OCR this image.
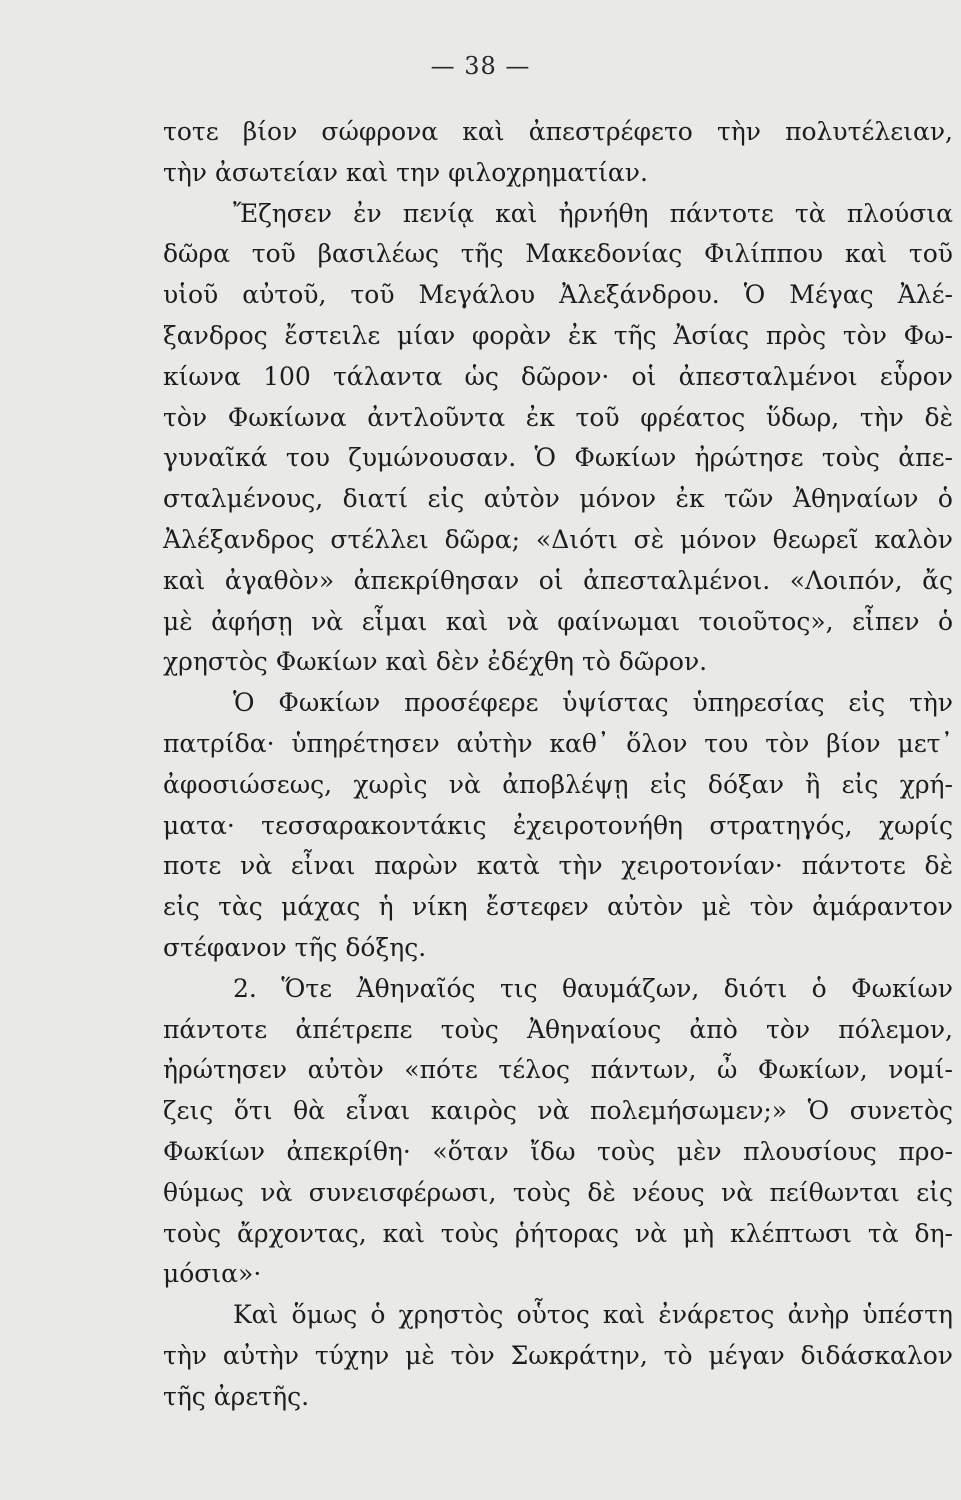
— 38 —
τοτε βίον σώφρονα καὶ ἀπεστρέφετο τὴν πολυτέλειαν,
τὴν ἀσωτείαν καὶ την φιλοχρηματίαν.
Ἔζησεν ἐν πενίᾳ καὶ ἠρνήθη πάντοτε τὰ πλούσια
δῶρα τοῦ βασιλέως τῆς Μακεδονίας Φιλίππου καὶ τοῦ
υἱοῦ αὐτοῦ, τοῦ Μεγάλου Ἀλεξάνδρου. Ὁ Μέγας Ἀλέ-
ξανδρος ἔστειλε μίαν φορὰν ἐκ τῆς Ἀσίας πρὸς τὸν Φω-
κίωνα 100 τάλαντα ὡς δῶρον· οἱ ἀπεσταλμένοι εὗρον
τὸν Φωκίωνα ἀντλοῦντα ἐκ τοῦ φρέατος ὕδωρ, τὴν δὲ
γυναῖκά του ζυμώνουσαν. Ὁ Φωκίων ἠρώτησε τοὺς ἀπε-
σταλμένους, διατί εἰς αὐτὸν μόνον ἐκ τῶν Ἀθηναίων ὁ
Ἀλέξανδρος στέλλει δῶρα; «Διότι σὲ μόνον θεωρεῖ καλὸν
καὶ ἀγαθὸν» ἀπεκρίθησαν οἱ ἀπεσταλμένοι. «Λοιπόν, ἄς
μὲ ἀφήσῃ νὰ εἶμαι καὶ νὰ φαίνωμαι τοιοῦτος», εἶπεν ὁ
χρηστὸς Φωκίων καὶ δὲν ἐδέχθη τὸ δῶρον.
Ὁ Φωκίων προσέφερε ὑψίστας ὑπηρεσίας εἰς τὴν
πατρίδα· ὑπηρέτησεν αὐτὴν καθ᾽ ὅλον του τὸν βίον μετ᾽
ἀφοσιώσεως, χωρὶς νὰ ἀποβλέψῃ εἰς δόξαν ἢ εἰς χρή-
ματα· τεσσαρακοντάκις ἐχειροτονήθη στρατηγός, χωρίς
ποτε νὰ εἶναι παρὼν κατὰ τὴν χειροτονίαν· πάντοτε δὲ
εἰς τὰς μάχας ἡ νίκη ἔστεφεν αὐτὸν μὲ τὸν ἀμάραντον
στέφανον τῆς δόξης.
2. Ὅτε Ἀθηναῖός τις θαυμάζων, διότι ὁ Φωκίων
πάντοτε ἀπέτρεπε τοὺς Ἀθηναίους ἀπὸ τὸν πόλεμον,
ἠρώτησεν αὐτὸν «πότε τέλος πάντων, ὦ Φωκίων, νομί-
ζεις ὅτι θὰ εἶναι καιρὸς νὰ πολεμήσωμεν;» Ὁ συνετὸς
Φωκίων ἀπεκρίθη· «ὅταν ἴδω τοὺς μὲν πλουσίους προ-
θύμως νὰ συνεισφέρωσι, τοὺς δὲ νέους νὰ πείθωνται εἰς
τοὺς ἄρχοντας, καὶ τοὺς ῥήτορας νὰ μὴ κλέπτωσι τὰ δη-
μόσια»·
Καὶ ὅμως ὁ χρηστὸς οὗτος καὶ ἐνάρετος ἀνὴρ ὑπέστη
τὴν αὐτὴν τύχην μὲ τὸν Σωκράτην, τὸ μέγαν διδάσκαλον
τῆς ἀρετῆς.
